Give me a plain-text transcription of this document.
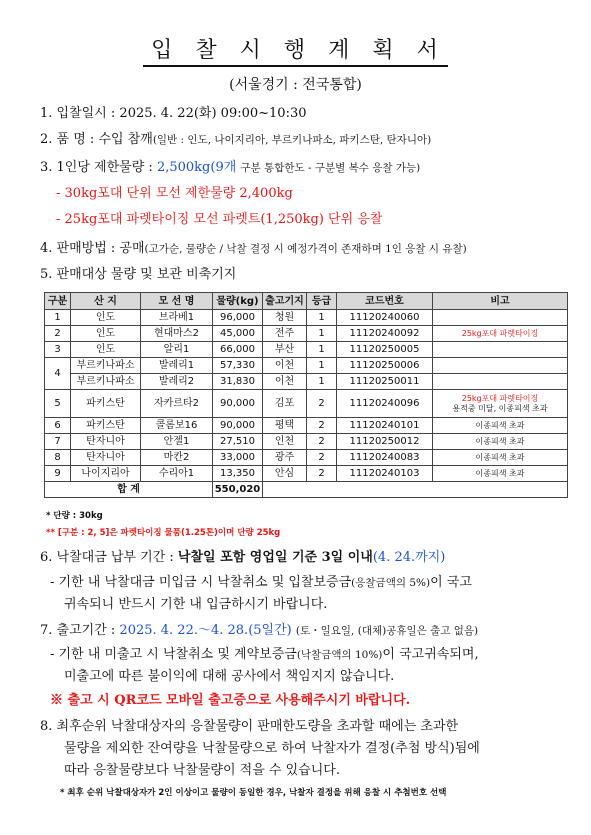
입 찰 시 행 계 획 서
(서울경기 : 전국통합)
1. 입찰일시 : 2025. 4. 22(화) 09:00~10:30
2. 품 명 : 수입 참깨(일반 : 인도, 나이지리아, 부르키나파소, 파키스탄, 탄자니아)
3. 1인당 제한물량 : 2,500kg(9개 구분 통합한도 - 구분별 복수 응찰 가능)
- 30kg포대 단위 모선 제한물량 2,400kg
- 25kg포대 파렛타이징 모선 파렛트(1,250kg) 단위 응찰
4. 판매방법 : 공매(고가순, 물량순 / 낙찰 결정 시 예정가격이 존재하며 1인 응찰 시 유찰)
5. 판매대상 물량 및 보관 비축기지
구분	산 지	모 선 명	물량(kg)	출고기지	등급	코드번호	비고
1	인도	브라베1	96,000	청원	1	11120240060	
2	인도	현대마스2	45,000	전주	1	11120240092	25kg포대 파렛타이징
3	인도	알리1	66,000	부산	1	11120250005	
4	부르키나파소	발레리1	57,330	이천	1	11120250006	
	부르키나파소	발레리2	31,830	이천	1	11120250011	
5	파키스탄	자카르타2	90,000	김포	2	11120240096	25kg포대 파렛타이징
용적중 미달, 이종피색 초과

6	파키스탄	콜롬보16	90,000	평택	2	11120240101	이종피색 초과
7	탄자니아	안젤1	27,510	인천	2	11120250012	이종피색 초과
8	탄자니아	마칸2	33,000	광주	2	11120240083	이종피색 초과
9	나이지리아	수리아1	13,350	안심	2	11120240103	이종피색 초과
합 계			550,020				
* 단량 : 30kg
** [구분 : 2, 5]은 파렛타이징 물품(1.25톤)이며 단량 25kg
6. 낙찰대금 납부 기간 : 낙찰일 포함 영업일 기준 3일 이내(4. 24.까지)
- 기한 내 낙찰대금 미입금 시 낙찰취소 및 입찰보증금(응찰금액의 5%)이 국고
귀속되니 반드시 기한 내 입금하시기 바랍니다.
7. 출고기간 : 2025. 4. 22.～4. 28.(5일간) (토・일요일, (대체)공휴일은 출고 없음)
- 기한 내 미출고 시 낙찰취소 및 계약보증금(낙찰금액의 10%)이 국고귀속되며,
미출고에 따른 불이익에 대해 공사에서 책임지지 않습니다.
※ 출고 시 QR코드 모바일 출고증으로 사용해주시기 바랍니다.
8. 최후순위 낙찰대상자의 응찰물량이 판매한도량을 초과할 때에는 초과한
물량을 제외한 잔여량을 낙찰물량으로 하여 낙찰자가 결정(추첨 방식)됨에
따라 응찰물량보다 낙찰물량이 적을 수 있습니다.
* 최후 순위 낙찰대상자가 2인 이상이고 물량이 동일한 경우, 낙찰자 결정을 위해 응찰 시 추첨번호 선택
